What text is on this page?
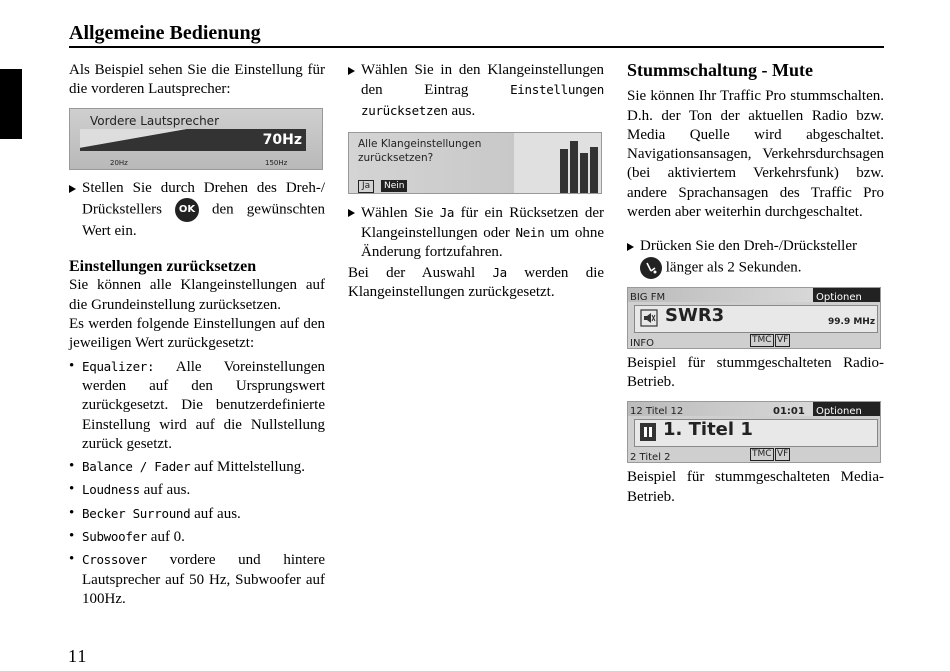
Allgemeine Bedienung

Als Beispiel sehen Sie die Einstellung für die vorderen Lautsprecher:

Vordere Lautsprecher
70Hz
20Hz	150Hz

Stellen Sie durch Drehen des Dreh-/ Drückstellers OK den gewünschten Wert ein.

Einstellungen zurücksetzen

Sie können alle Klangeinstellungen auf die Grundeinstellung zurücksetzen.

Es werden folgende Einstellungen auf den jeweiligen Wert zurückgesetzt:

• Equalizer: Alle Voreinstellungen werden auf den Ursprungswert zurückgesetzt. Die benutzerdefinierte Einstellung wird auf die Nullstellung zurück gesetzt.
• Balance / Fader auf Mittelstellung.
• Loudness auf aus.
• Becker Surround auf aus.
• Subwoofer auf 0.
• Crossover vordere und hintere Lautsprecher auf 50 Hz, Subwoofer auf 100Hz.

Wählen Sie in den Klangeinstellungen den Eintrag	Einstellungen zurücksetzen aus.

Alle Klangeinstellungen
zurücksetzen?
Ja	Nein

Wählen Sie Ja für ein Rücksetzen der Klangeinstellungen oder Nein um ohne Änderung fortzufahren.

Bei der Auswahl Ja werden die Klangeinstellungen zurückgesetzt.

Stummschaltung - Mute

Sie können Ihr Traffic Pro stummschalten. D.h. der Ton der aktuellen Radio bzw. Media Quelle wird abgeschaltet. Navigationsansagen, Verkehrsdurchsagen (bei aktiviertem Verkehrsfunk) bzw. andere Sprachansagen des Traffic Pro werden aber weiterhin durchgeschaltet.

Drücken Sie den Dreh-/Drücksteller
länger als 2 Sekunden.

BIG FM	Optionen
SWR3	99.9 MHz
INFO	TMC VF

Beispiel für stummgeschalteten Radio-Betrieb.

12 Titel 12	01:01	Optionen
1. Titel 1
2 Titel 2	TMC VF

Beispiel für stummgeschalteten Media-Betrieb.

11
